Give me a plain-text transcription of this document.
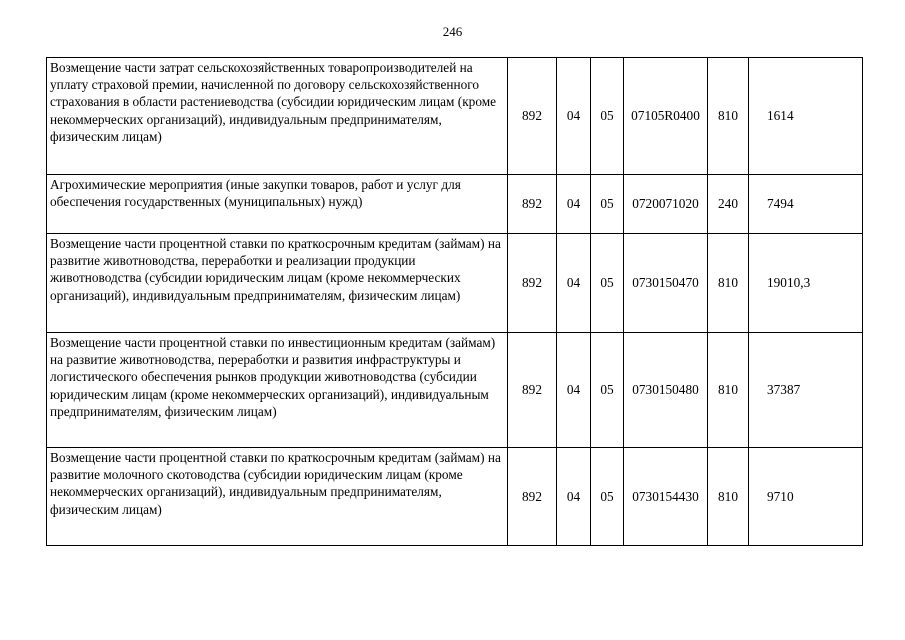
246
Возмещение части затрат сельскохозяйственных товаропроизводителей на уплату страховой премии, начисленной по договору сельскохозяйственного страхования в области растениеводства (субсидии юридическим лицам (кроме некоммерческих организаций), индивидуальным предпринимателям, физическим лицам)	892	04	05	07105R0400	810	1614
Агрохимические мероприятия (иные закупки товаров, работ и услуг для обеспечения государственных (муниципальных) нужд)	892	04	05	0720071020	240	7494
Возмещение части процентной ставки по краткосрочным кредитам (займам) на развитие животноводства, переработки и реализации продукции животноводства (субсидии юридическим лицам (кроме некоммерческих организаций), индивидуальным предпринимателям, физическим лицам)	892	04	05	0730150470	810	19010,3
Возмещение части процентной ставки по инвестиционным кредитам (займам) на развитие животноводства, переработки и развития инфраструктуры и логистического обеспечения рынков продукции животноводства (субсидии юридическим лицам (кроме некоммерческих организаций), индивидуальным предпринимателям, физическим лицам)	892	04	05	0730150480	810	37387
Возмещение части процентной ставки по краткосрочным кредитам (займам) на развитие молочного скотоводства (субсидии юридическим лицам (кроме некоммерческих организаций), индивидуальным предпринимателям, физическим лицам)	892	04	05	0730154430	810	9710
